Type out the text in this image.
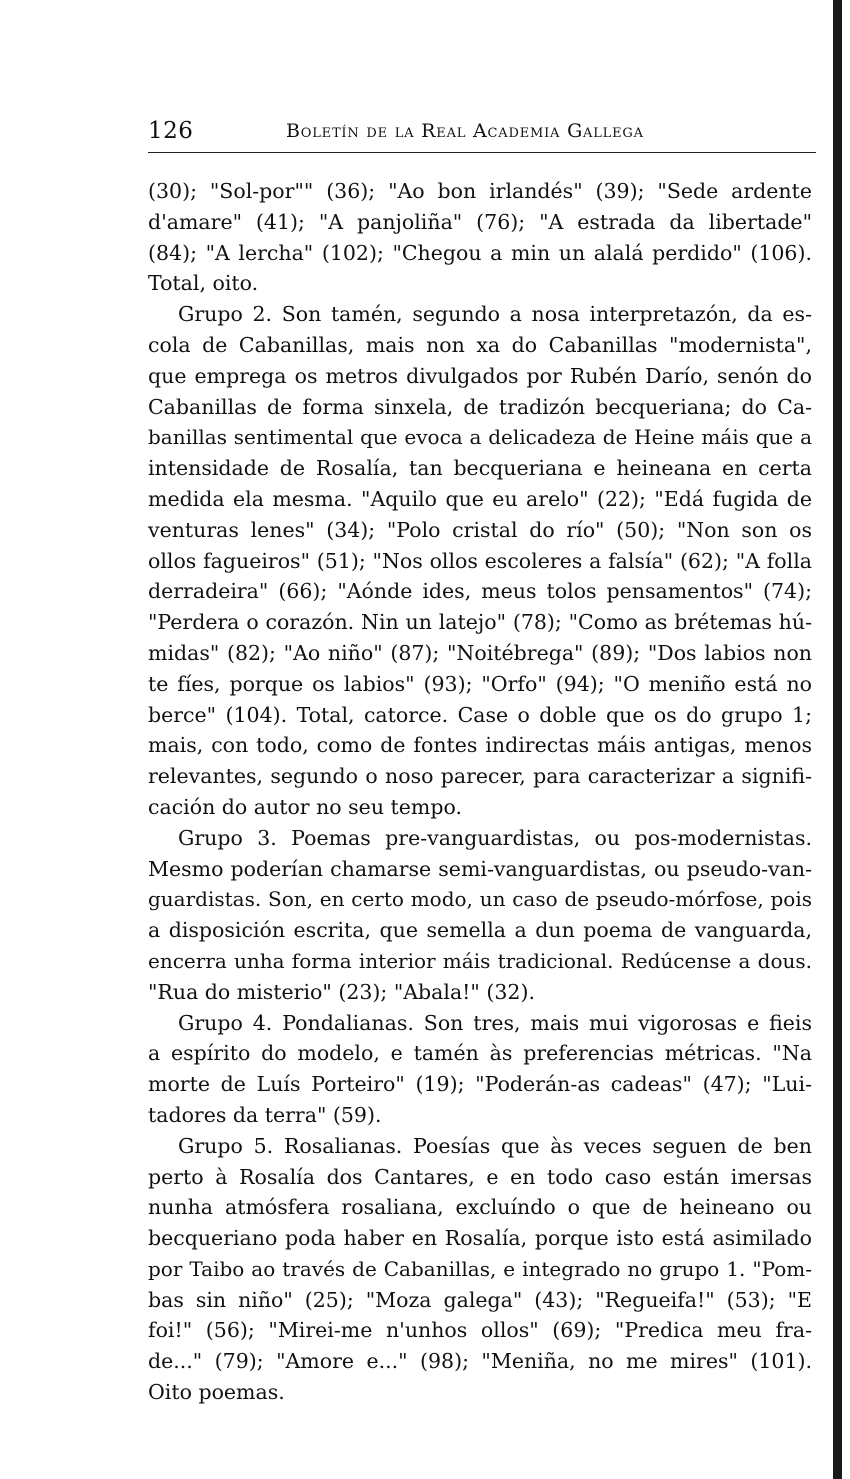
126	Boletín de la Real Academia Gallega
(30); "Sol-por"" (36); "Ao bon irlandés" (39); "Sede ardente
d'amare" (41); "A panjoliña" (76); "A estrada da libertade"
(84); "A lercha" (102); "Chegou a min un alalá perdido" (106).
Total, oito.
Grupo 2. Son tamén, segundo a nosa interpretazón, da es-
cola de Cabanillas, mais non xa do Cabanillas "modernista",
que emprega os metros divulgados por Rubén Darío, senón do
Cabanillas de forma sinxela, de tradizón becqueriana; do Ca-
banillas sentimental que evoca a delicadeza de Heine máis que a
intensidade de Rosalía, tan becqueriana e heineana en certa
medida ela mesma. "Aquilo que eu arelo" (22); "Edá fugida de
venturas lenes" (34); "Polo cristal do río" (50); "Non son os
ollos fagueiros" (51); "Nos ollos escoleres a falsía" (62); "A folla
derradeira" (66); "Aónde ides, meus tolos pensamentos" (74);
"Perdera o corazón. Nin un latejo" (78); "Como as brétemas hú-
midas" (82); "Ao niño" (87); "Noitébrega" (89); "Dos labios non
te fíes, porque os labios" (93); "Orfo" (94); "O meniño está no
berce" (104). Total, catorce. Case o doble que os do grupo 1;
mais, con todo, como de fontes indirectas máis antigas, menos
relevantes, segundo o noso parecer, para caracterizar a signifi-
cación do autor no seu tempo.
Grupo 3. Poemas pre-vanguardistas, ou pos-modernistas.
Mesmo poderían chamarse semi-vanguardistas, ou pseudo-van-
guardistas. Son, en certo modo, un caso de pseudo-mórfose, pois
a disposición escrita, que semella a dun poema de vanguarda,
encerra unha forma interior máis tradicional. Redúcense a dous.
"Rua do misterio" (23); "Abala!" (32).
Grupo 4. Pondalianas. Son tres, mais mui vigorosas e fieis
a espírito do modelo, e tamén às preferencias métricas. "Na
morte de Luís Porteiro" (19); "Poderán-as cadeas" (47); "Lui-
tadores da terra" (59).
Grupo 5. Rosalianas. Poesías que às veces seguen de ben
perto à Rosalía dos Cantares, e en todo caso están imersas
nunha atmósfera rosaliana, excluíndo o que de heineano ou
becqueriano poda haber en Rosalía, porque isto está asimilado
por Taibo ao través de Cabanillas, e integrado no grupo 1. "Pom-
bas sin niño" (25); "Moza galega" (43); "Regueifa!" (53); "E
foi!" (56); "Mirei-me n'unhos ollos" (69); "Predica meu fra-
de..." (79); "Amore e..." (98); "Meniña, no me mires" (101).
Oito poemas.
